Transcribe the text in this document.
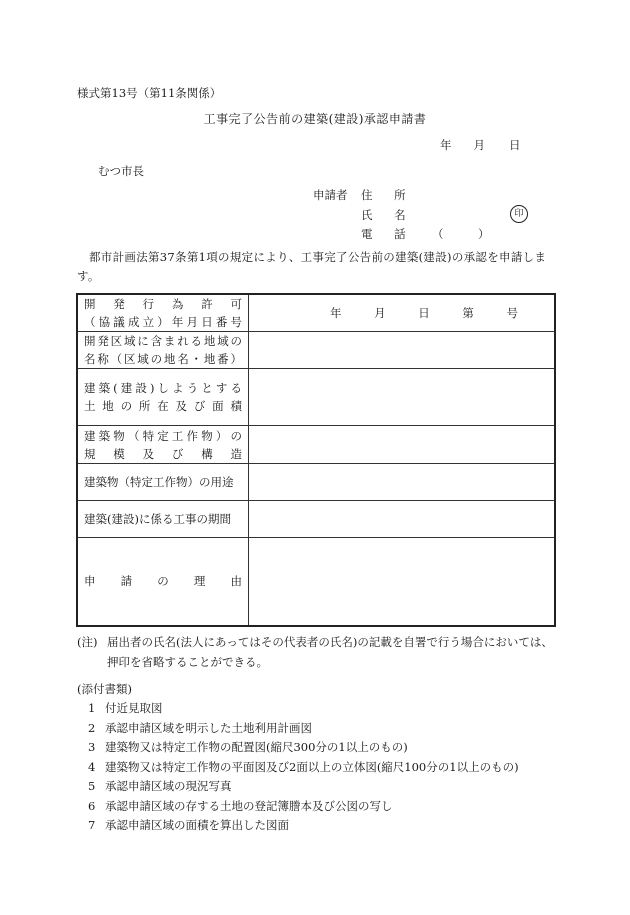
様式第13号（第11条関係）
工事完了公告前の建築(建設)承認申請書
年 月 日
むつ市長
申請者 住 所
氏 名	印
電 話 （　　　）
都市計画法第37条第1項の規定により、工事完了公告前の建築(建設)の承認を申請します。
開 発 行 為 許 可
（協議成立）年月日番号	年 月 日 第 号

開発区域に含まれる地域の
名称（区域の地名・地番）	

建築(建設)しようとする
土地の所在及び面積	

建築物（特定工作物）の
規模及び構造	

建築物（特定工作物）の用途	

建築(建設)に係る工事の期間	

申請の理由	

(注) 届出者の氏名(法人にあってはその代表者の氏名)の記載を自署で行う場合においては、押印を省略することができる。
(添付書類)
1 付近見取図
2 承認申請区域を明示した土地利用計画図
3 建築物又は特定工作物の配置図(縮尺300分の1以上のもの)
4 建築物又は特定工作物の平面図及び2面以上の立体図(縮尺100分の1以上のもの)
5 承認申請区域の現況写真
6 承認申請区域の存する土地の登記簿謄本及び公図の写し
7 承認申請区域の面積を算出した図面
